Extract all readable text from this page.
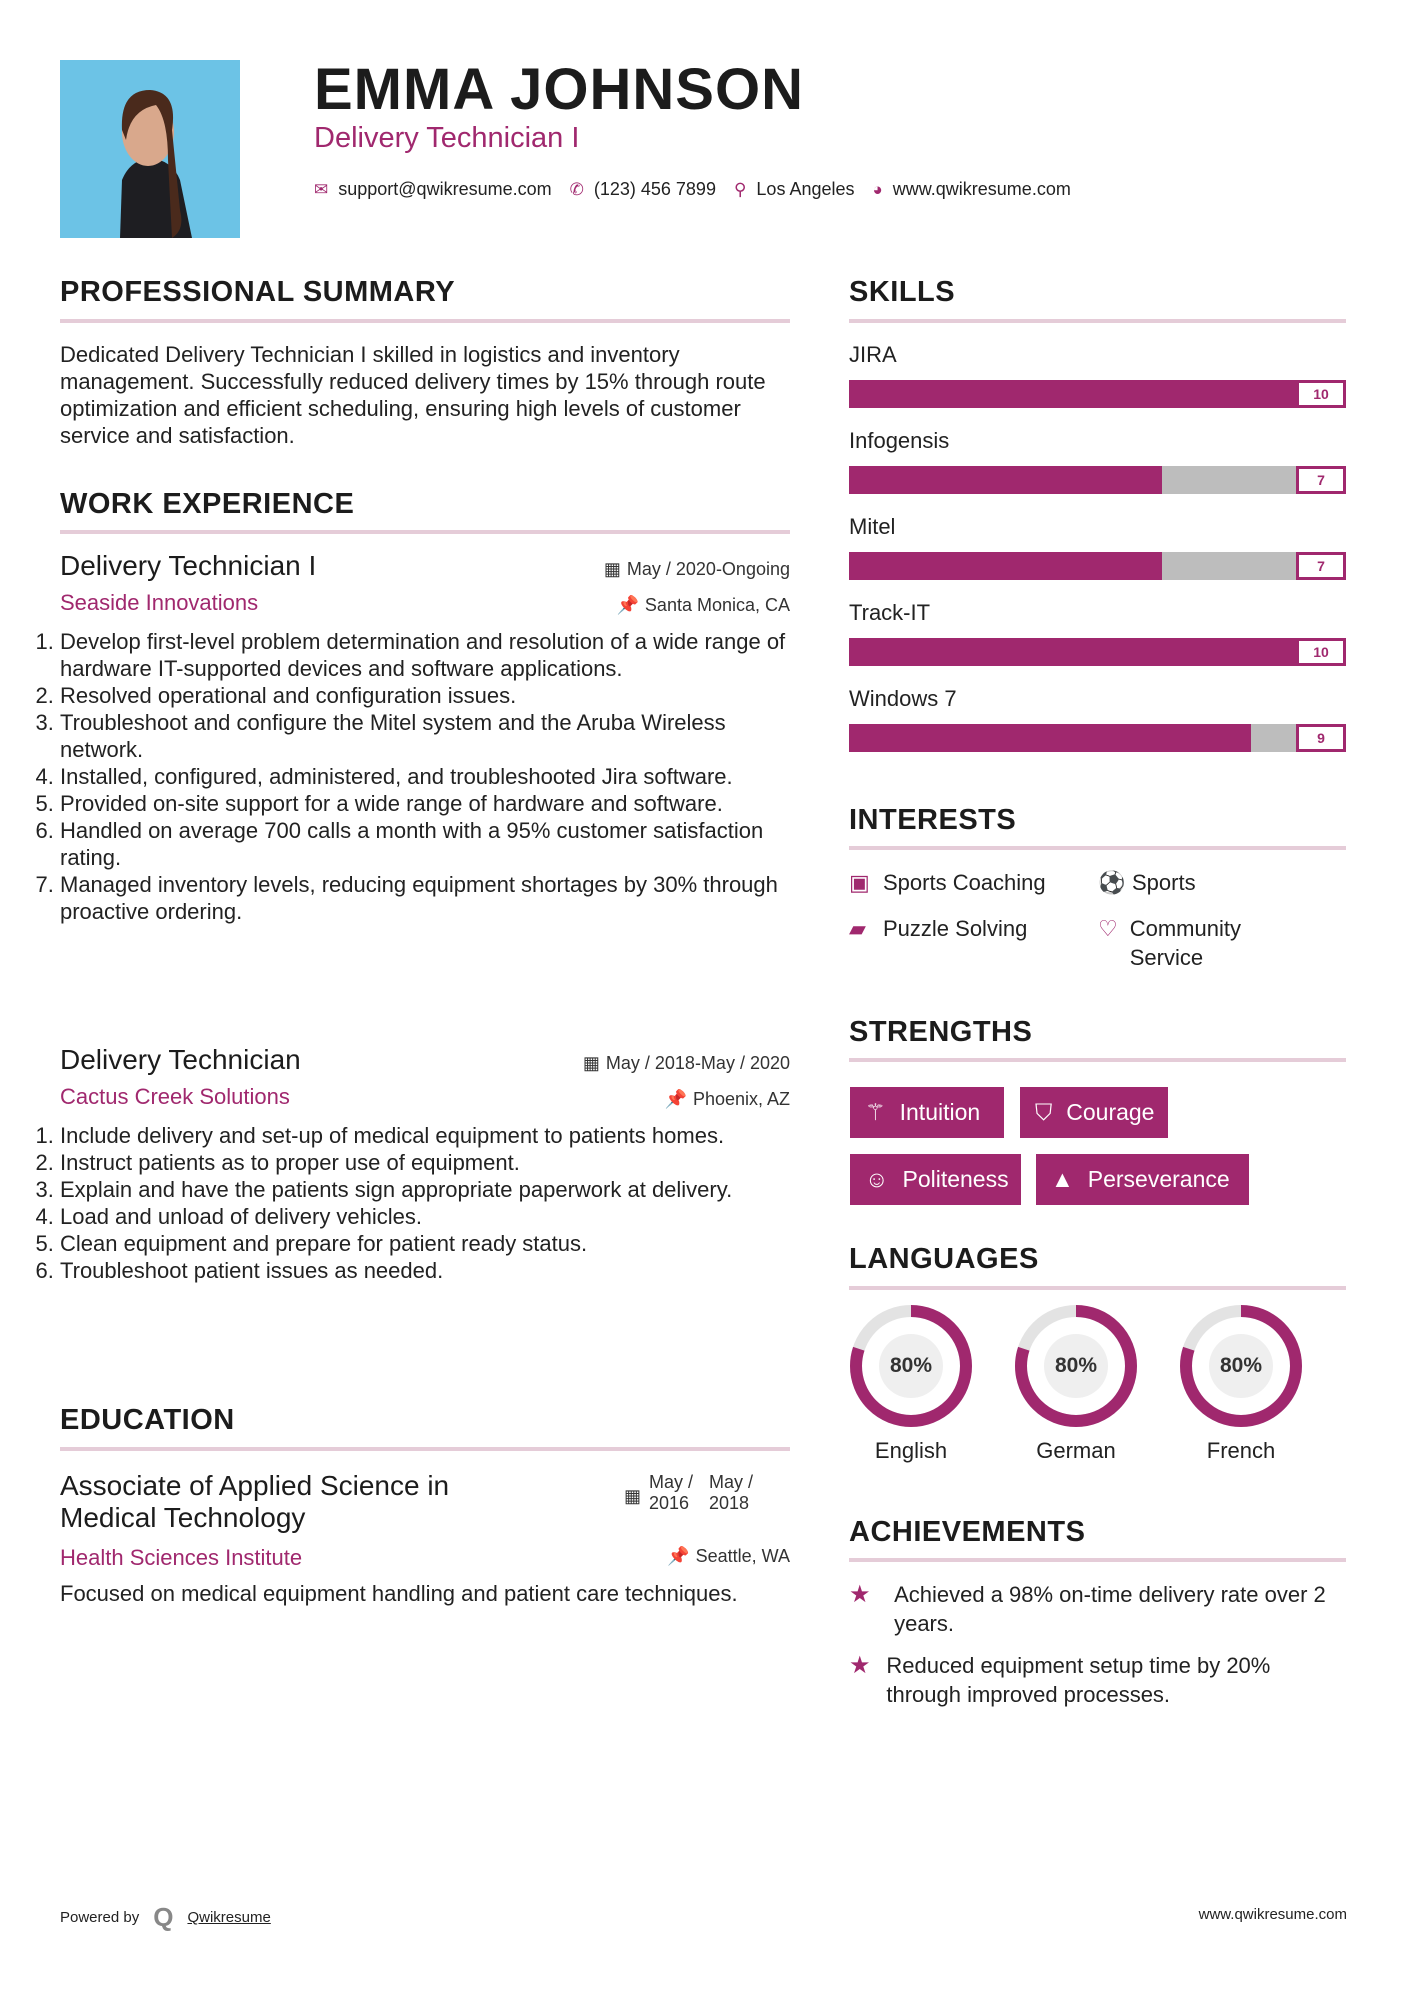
EMMA JOHNSON
Delivery Technician I
✉ support@qwikresume.com ✆ (123) 456 7899 ⚲ Los Angeles ◕ www.qwikresume.com
PROFESSIONAL SUMMARY
Dedicated Delivery Technician I skilled in logistics and inventory management. Successfully reduced delivery times by 15% through route optimization and efficient scheduling, ensuring high levels of customer service and satisfaction.
WORK EXPERIENCE
Delivery Technician I	▦ May / 2020-Ongoing
Seaside Innovations	📌 Santa Monica, CA
1. Develop first-level problem determination and resolution of a wide range of hardware IT-supported devices and software applications.
2. Resolved operational and configuration issues.
3. Troubleshoot and configure the Mitel system and the Aruba Wireless network.
4. Installed, configured, administered, and troubleshooted Jira software.
5. Provided on-site support for a wide range of hardware and software.
6. Handled on average 700 calls a month with a 95% customer satisfaction rating.
7. Managed inventory levels, reducing equipment shortages by 30% through proactive ordering.
Delivery Technician	▦ May / 2018-May / 2020
Cactus Creek Solutions	📌 Phoenix, AZ
1. Include delivery and set-up of medical equipment to patients homes.
2. Instruct patients as to proper use of equipment.
3. Explain and have the patients sign appropriate paperwork at delivery.
4. Load and unload of delivery vehicles.
5. Clean equipment and prepare for patient ready status.
6. Troubleshoot patient issues as needed.
EDUCATION
Associate of Applied Science in Medical Technology
▦
May / 2016
May / 2018
Health Sciences Institute	📌 Seattle, WA
Focused on medical equipment handling and patient care techniques.
SKILLS
JIRA
10
Infogensis
7
Mitel
7
Track-IT
10
Windows 7
9
INTERESTS
▣ Sports Coaching ⚽ Sports
▰ Puzzle Solving	♡ Community Service
STRENGTHS
⚚ Intuition ⛉ Courage
☺ Politeness ▲ Perseverance
LANGUAGES
80%
English
80%
German
80%
French
ACHIEVEMENTS
★	Achieved a 98% on-time delivery rate over 2 years.
★ Reduced equipment setup time by 20% through improved processes.
Powered by Q Qwikresume	www.qwikresume.com
